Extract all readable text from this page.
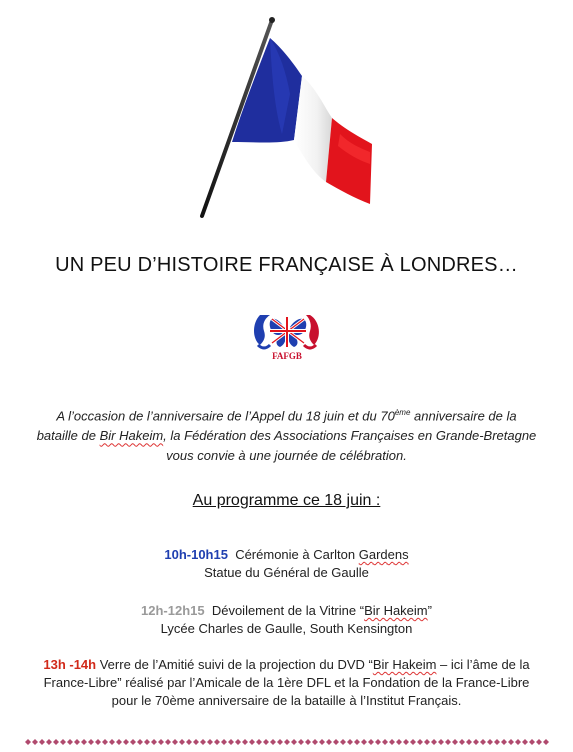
UN PEU D’HISTOIRE FRANÇAISE À LONDRES…
FAFGB
A l’occasion de l’anniversaire de l’Appel du 18 juin et du 70ème anniversaire de la
bataille de Bir Hakeim, la Fédération des Associations Françaises en Grande-Bretagne
vous convie à une journée de célébration.
Au programme ce 18 juin :
10h-10h15 Cérémonie à Carlton Gardens
Statue du Général de Gaulle
12h-12h15 Dévoilement de la Vitrine “Bir Hakeim”
Lycée Charles de Gaulle, South Kensington
13h -14h Verre de l’Amitié suivi de la projection du DVD “Bir Hakeim – ici l’âme de la
France-Libre” réalisé par l’Amicale de la 1ère DFL et la Fondation de la France-Libre
pour le 70ème anniversaire de la bataille à l’Institut Français.
